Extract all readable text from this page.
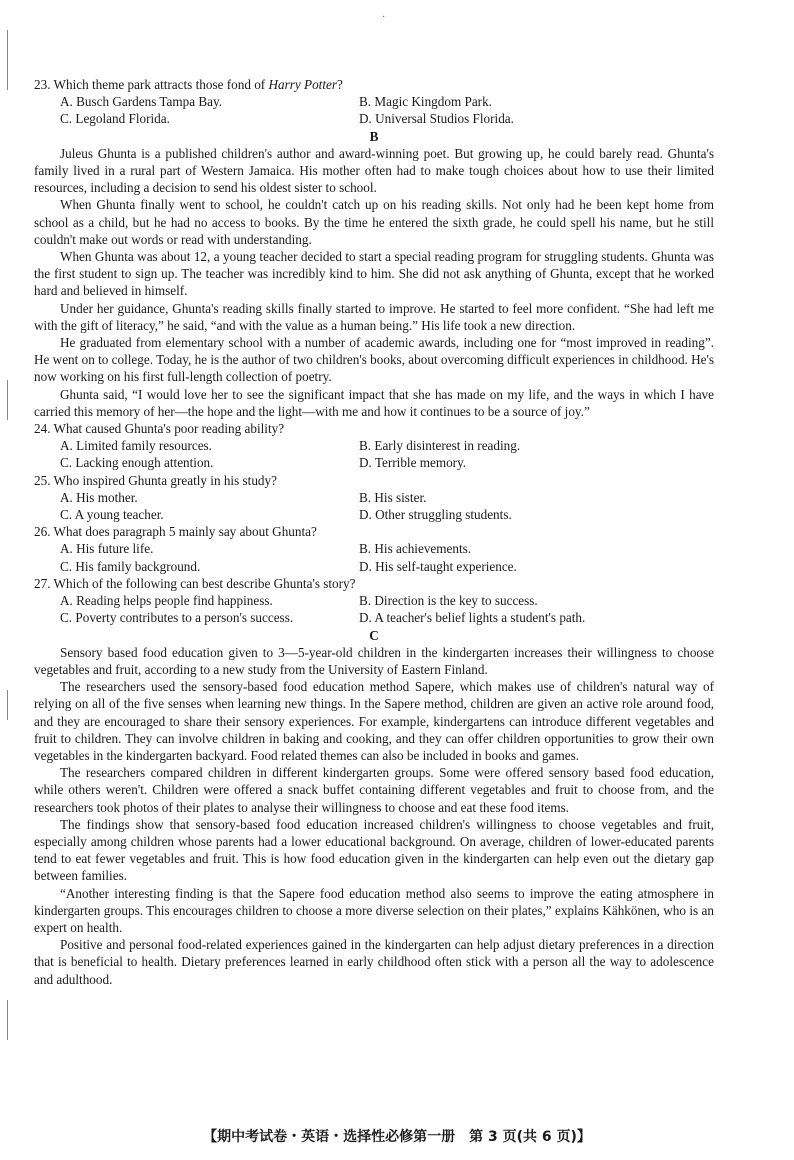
·

23. Which theme park attracts those fond of Harry Potter?

A. Busch Gardens Tampa Bay.	B. Magic Kingdom Park.
C. Legoland Florida.	D. Universal Studios Florida.

B

Juleus Ghunta is a published children's author and award-winning poet. But growing up, he could barely read. Ghunta's family lived in a rural part of Western Jamaica. His mother often had to make tough choices about how to use their limited resources, including a decision to send his oldest sister to school.

When Ghunta finally went to school, he couldn't catch up on his reading skills. Not only had he been kept home from school as a child, but he had no access to books. By the time he entered the sixth grade, he could spell his name, but he still couldn't make out words or read with understanding.

When Ghunta was about 12, a young teacher decided to start a special reading program for struggling students. Ghunta was the first student to sign up. The teacher was incredibly kind to him. She did not ask anything of Ghunta, except that he worked hard and believed in himself.

Under her guidance, Ghunta's reading skills finally started to improve. He started to feel more confident. “She had left me with the gift of literacy,” he said, “and with the value as a human being.” His life took a new direction.

He graduated from elementary school with a number of academic awards, including one for “most improved in reading”. He went on to college. Today, he is the author of two children's books, about overcoming difficult experiences in childhood. He's now working on his first full-length collection of poetry.

Ghunta said, “I would love her to see the significant impact that she has made on my life, and the ways in which I have carried this memory of her—the hope and the light—with me and how it continues to be a source of joy.”

24. What caused Ghunta's poor reading ability?

A. Limited family resources.	B. Early disinterest in reading.
C. Lacking enough attention.	D. Terrible memory.

25. Who inspired Ghunta greatly in his study?

A. His mother.	B. His sister.
C. A young teacher.	D. Other struggling students.

26. What does paragraph 5 mainly say about Ghunta?

A. His future life.	B. His achievements.
C. His family background.	D. His self-taught experience.

27. Which of the following can best describe Ghunta's story?

A. Reading helps people find happiness.	B. Direction is the key to success.
C. Poverty contributes to a person's success.	D. A teacher's belief lights a student's path.

C

Sensory based food education given to 3—5-year-old children in the kindergarten increases their willingness to choose vegetables and fruit, according to a new study from the University of Eastern Finland.

The researchers used the sensory-based food education method Sapere, which makes use of children's natural way of relying on all of the five senses when learning new things. In the Sapere method, children are given an active role around food, and they are encouraged to share their sensory experiences. For example, kindergartens can introduce different vegetables and fruit to children. They can involve children in baking and cooking, and they can offer children opportunities to grow their own vegetables in the kindergarten backyard. Food related themes can also be included in books and games.

The researchers compared children in different kindergarten groups. Some were offered sensory based food education, while others weren't. Children were offered a snack buffet containing different vegetables and fruit to choose from, and the researchers took photos of their plates to analyse their willingness to choose and eat these food items.

The findings show that sensory-based food education increased children's willingness to choose vegetables and fruit, especially among children whose parents had a lower educational background. On average, children of lower-educated parents tend to eat fewer vegetables and fruit. This is how food education given in the kindergarten can help even out the dietary gap between families.

“Another interesting finding is that the Sapere food education method also seems to improve the eating atmosphere in kindergarten groups. This encourages children to choose a more diverse selection on their plates,” explains Kähkönen, who is an expert on health.

Positive and personal food-related experiences gained in the kindergarten can help adjust dietary preferences in a direction that is beneficial to health. Dietary preferences learned in early childhood often stick with a person all the way to adolescence and adulthood.

【期中考试卷・英语・选择性必修第一册　第 3 页(共 6 页)】
